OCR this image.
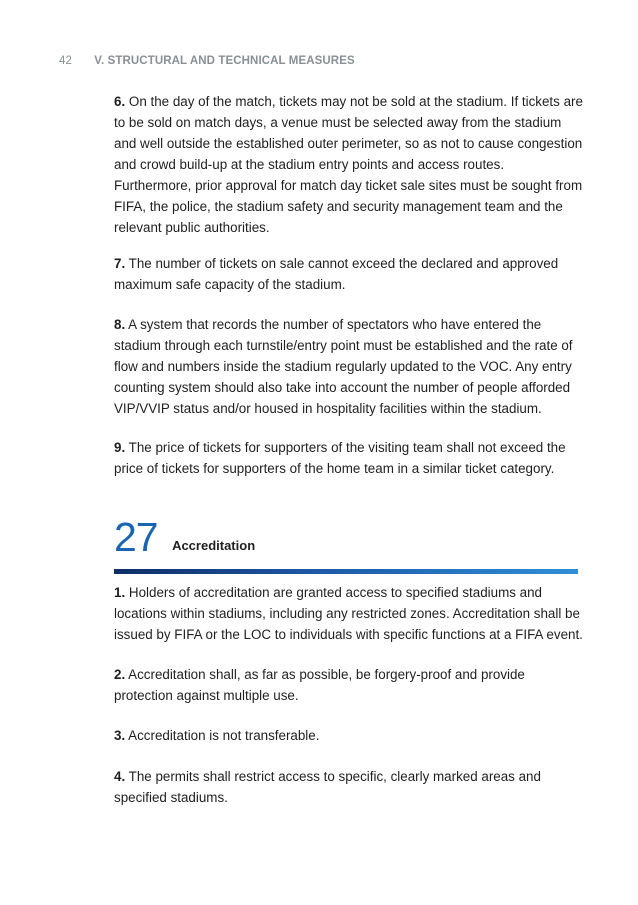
42 V. STRUCTURAL AND TECHNICAL MEASURES

6. On the day of the match, tickets may not be sold at the stadium. If tickets are to be sold on match days, a venue must be selected away from the stadium and well outside the established outer perimeter, so as not to cause congestion and crowd build-up at the stadium entry points and access routes. Furthermore, prior approval for match day ticket sale sites must be sought from FIFA, the police, the stadium safety and security management team and the relevant public authorities.

7. The number of tickets on sale cannot exceed the declared and approved maximum safe capacity of the stadium.

8. A system that records the number of spectators who have entered the stadium through each turnstile/entry point must be established and the rate of flow and numbers inside the stadium regularly updated to the VOC. Any entry counting system should also take into account the number of people afforded VIP/VVIP status and/or housed in hospitality facilities within the stadium.

9. The price of tickets for supporters of the visiting team shall not exceed the price of tickets for supporters of the home team in a similar ticket category.

27 Accreditation

1. Holders of accreditation are granted access to specified stadiums and locations within stadiums, including any restricted zones. Accreditation shall be issued by FIFA or the LOC to individuals with specific functions at a FIFA event.

2. Accreditation shall, as far as possible, be forgery-proof and provide protection against multiple use.

3. Accreditation is not transferable.

4. The permits shall restrict access to specific, clearly marked areas and specified stadiums.
